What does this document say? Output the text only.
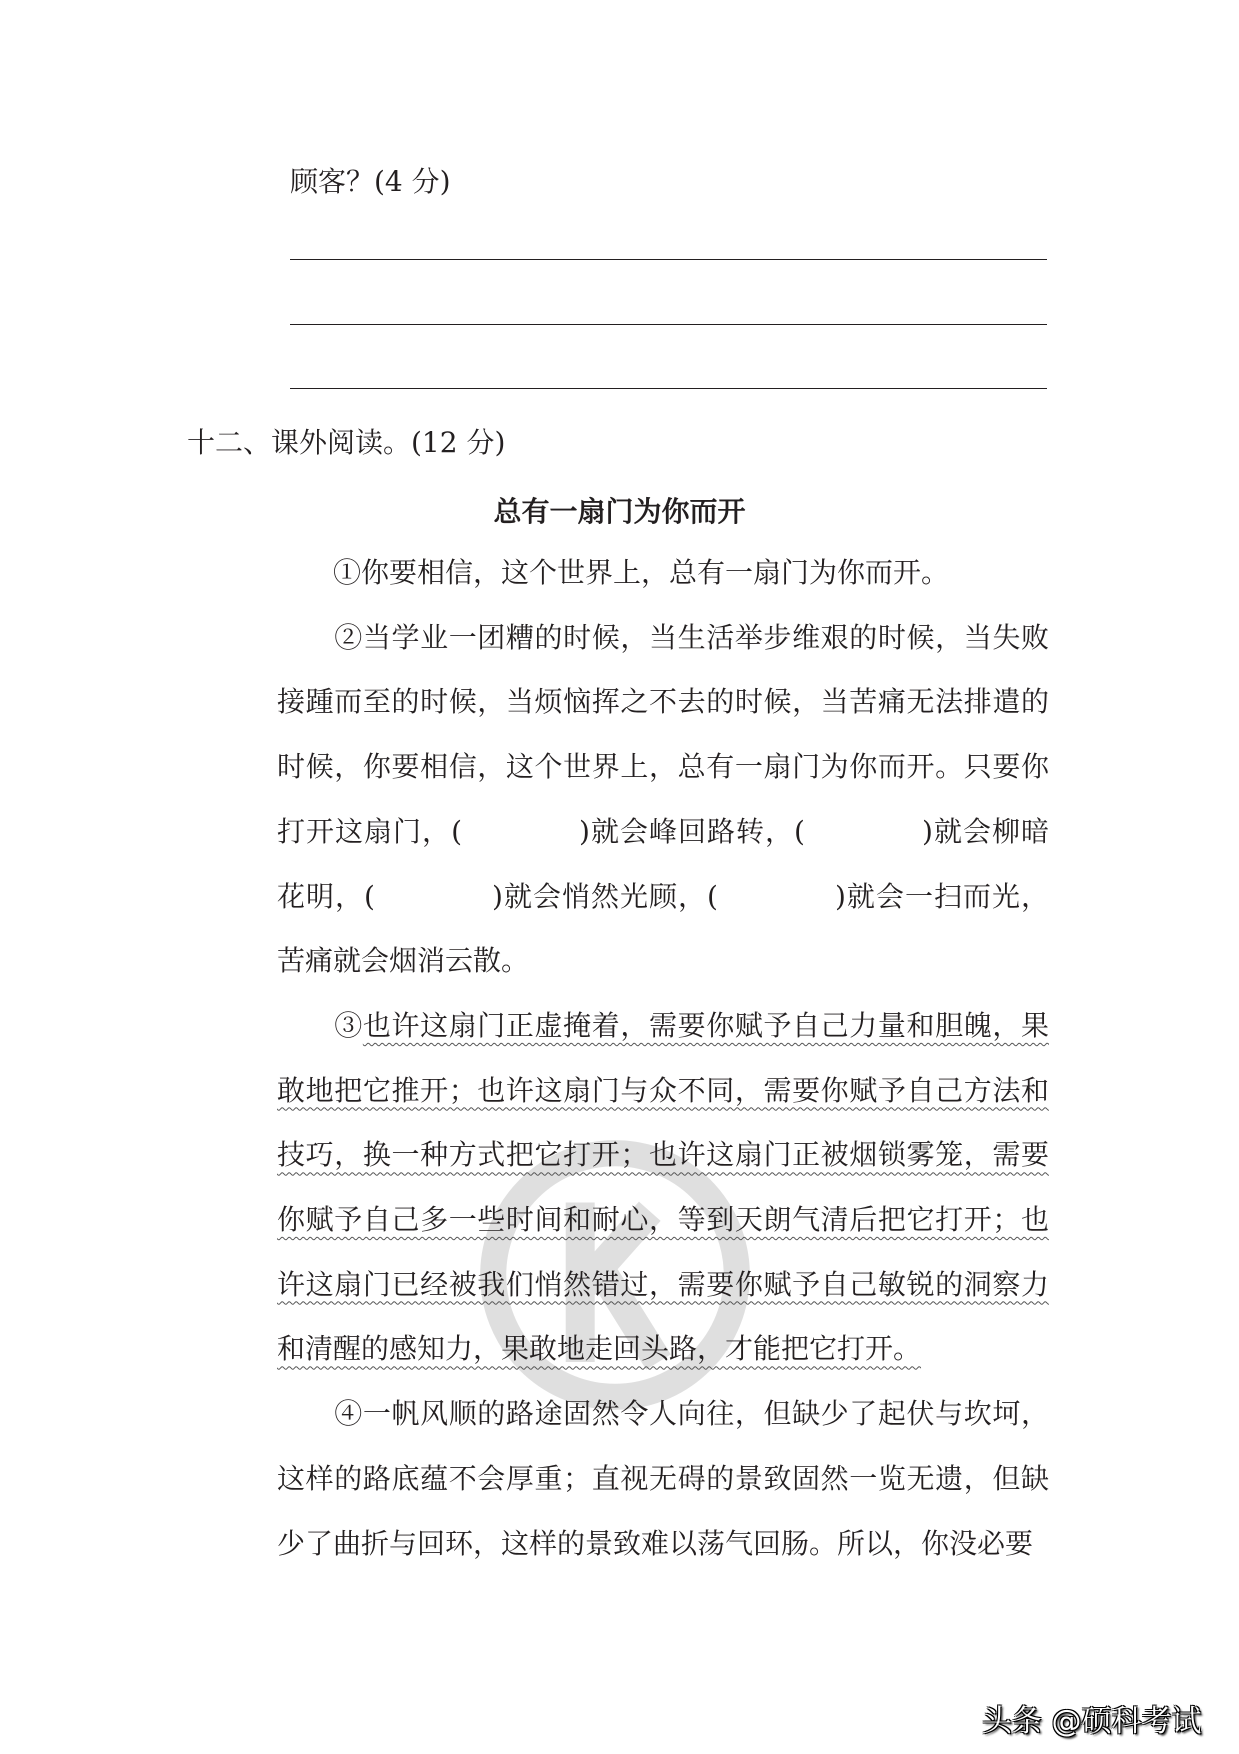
顾客？(4 分)
十二、课外阅读。(12 分)
总有一扇门为你而开
　　①你要相信，这个世界上，总有一扇门为你而开。
　　②当学业一团糟的时候，当生活举步维艰的时候，当失败
接踵而至的时候，当烦恼挥之不去的时候，当苦痛无法排遣的
时候，你要相信，这个世界上，总有一扇门为你而开。只要你
打开这扇门，(　　　　)就会峰回路转，(　　　　)就会柳暗
花明，(　　　　)就会悄然光顾，(　　　　)就会一扫而光，
苦痛就会烟消云散。
　　③也许这扇门正虚掩着，需要你赋予自己力量和胆魄，果
敢地把它推开；也许这扇门与众不同，需要你赋予自己方法和
技巧，换一种方式把它打开；也许这扇门正被烟锁雾笼，需要
你赋予自己多一些时间和耐心，等到天朗气清后把它打开；也
许这扇门已经被我们悄然错过，需要你赋予自己敏锐的洞察力
和清醒的感知力，果敢地走回头路，才能把它打开。
　　④一帆风顺的路途固然令人向往，但缺少了起伏与坎坷，
这样的路底蕴不会厚重；直视无碍的景致固然一览无遗，但缺
少了曲折与回环，这样的景致难以荡气回肠。所以，你没必要
头条 @硕科考试
